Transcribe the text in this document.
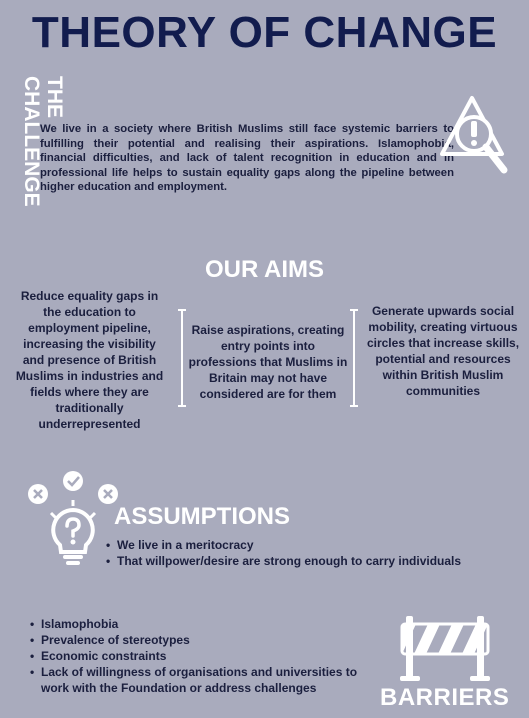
THEORY OF CHANGE
THE
CHALLENGE
We live in a society where British Muslims still face systemic barriers to fulfilling their potential and realising their aspirations. Islamophobia, financial difficulties, and lack of talent recognition in education and in professional life helps to sustain equality gaps along the pipeline between higher education and employment.
OUR AIMS
Reduce equality gaps in the education to employment pipeline, increasing the visibility and presence of British Muslims in industries and fields where they are traditionally underrepresented
Raise aspirations, creating entry points into professions that Muslims in Britain may not have considered are for them
Generate upwards social mobility, creating virtuous circles that increase skills, potential and resources within British Muslim communities
ASSUMPTIONS
• We live in a meritocracy
• That willpower/desire are strong enough to carry individuals
• Islamophobia
• Prevalence of stereotypes
• Economic constraints
• Lack of willingness of organisations and universities to work with the Foundation or address challenges	BARRIERS
